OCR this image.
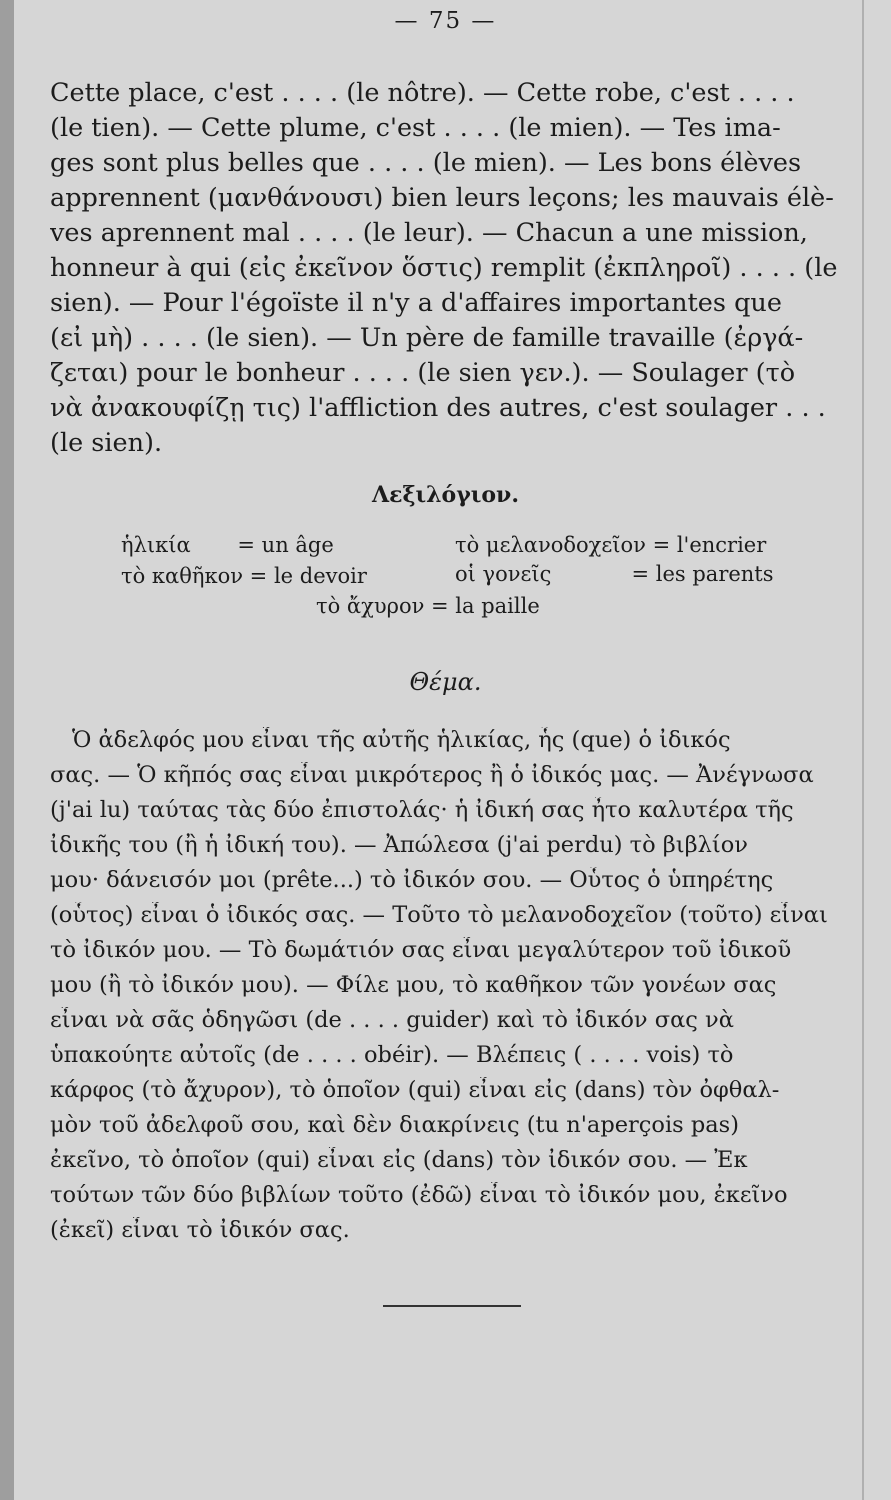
— 75 —
Cette place, c'est . . . . (le nôtre). — Cette robe, c'est . . . .
(le tien). — Cette plume, c'est . . . . (le mien). — Tes ima-
ges sont plus belles que . . . . (le mien). — Les bons élèves
apprennent (μανθάνουσι) bien leurs leçons; les mauvais élè-
ves aprennent mal . . . . (le leur). — Chacun a une mission,
honneur à qui (εἰς ἐκεῖνον ὅστις) remplit (ἐκπληροῖ) . . . . (le
sien). — Pour l'égoïste il n'y a d'affaires importantes que
(εἰ μὴ) . . . . (le sien). — Un père de famille travaille (ἐργά-
ζεται) pour le bonheur . . . . (le sien γεν.). — Soulager (τὸ
νὰ ἀνακουφίζῃ τις) l'affliction des autres, c'est soulager . . .
(le sien).
Λεξιλόγιον.
ἡλικία       = un âge	τὸ μελανοδοχεῖον = l'encrier
τὸ καθῆκον = le devoir	οἱ γονεῖς            = les parents
τὸ ἄχυρον = la paille
Θέμα.
Ὁ ἀδελφός μου εἶναι τῆς αὐτῆς ἡλικίας, ἧς (que) ὁ ἰδικός
σας. — Ὁ κῆπός σας εἶναι μικρότερος ἢ ὁ ἰδικός μας. — Ἀνέγνωσα
(j'ai lu) ταύτας τὰς δύο ἐπιστολάς· ἡ ἰδική σας ἦτο καλυτέρα τῆς
ἰδικῆς του (ἢ ἡ ἰδική του). — Ἀπώλεσα (j'ai perdu) τὸ βιβλίον
μου· δάνεισόν μοι (prête...) τὸ ἰδικόν σου. — Οὗτος ὁ ὑπηρέτης
(οὗτος) εἶναι ὁ ἰδικός σας. — Τοῦτο τὸ μελανοδοχεῖον (τοῦτο) εἶναι
τὸ ἰδικόν μου. — Τὸ δωμάτιόν σας εἶναι μεγαλύτερον τοῦ ἰδικοῦ
μου (ἢ τὸ ἰδικόν μου). — Φίλε μου, τὸ καθῆκον τῶν γονέων σας
εἶναι νὰ σᾶς ὁδηγῶσι (de . . . . guider) καὶ τὸ ἰδικόν σας νὰ
ὑπακούητε αὐτοῖς (de . . . . obéir). — Βλέπεις ( . . . . vois) τὸ
κάρφος (τὸ ἄχυρον), τὸ ὁποῖον (qui) εἶναι εἰς (dans) τὸν ὀφθαλ-
μὸν τοῦ ἀδελφοῦ σου, καὶ δὲν διακρίνεις (tu n'aperçois pas)
ἐκεῖνο, τὸ ὁποῖον (qui) εἶναι εἰς (dans) τὸν ἰδικόν σου. — Ἐκ
τούτων τῶν δύο βιβλίων τοῦτο (ἐδῶ) εἶναι τὸ ἰδικόν μου, ἐκεῖνο
(ἐκεῖ) εἶναι τὸ ἰδικόν σας.
